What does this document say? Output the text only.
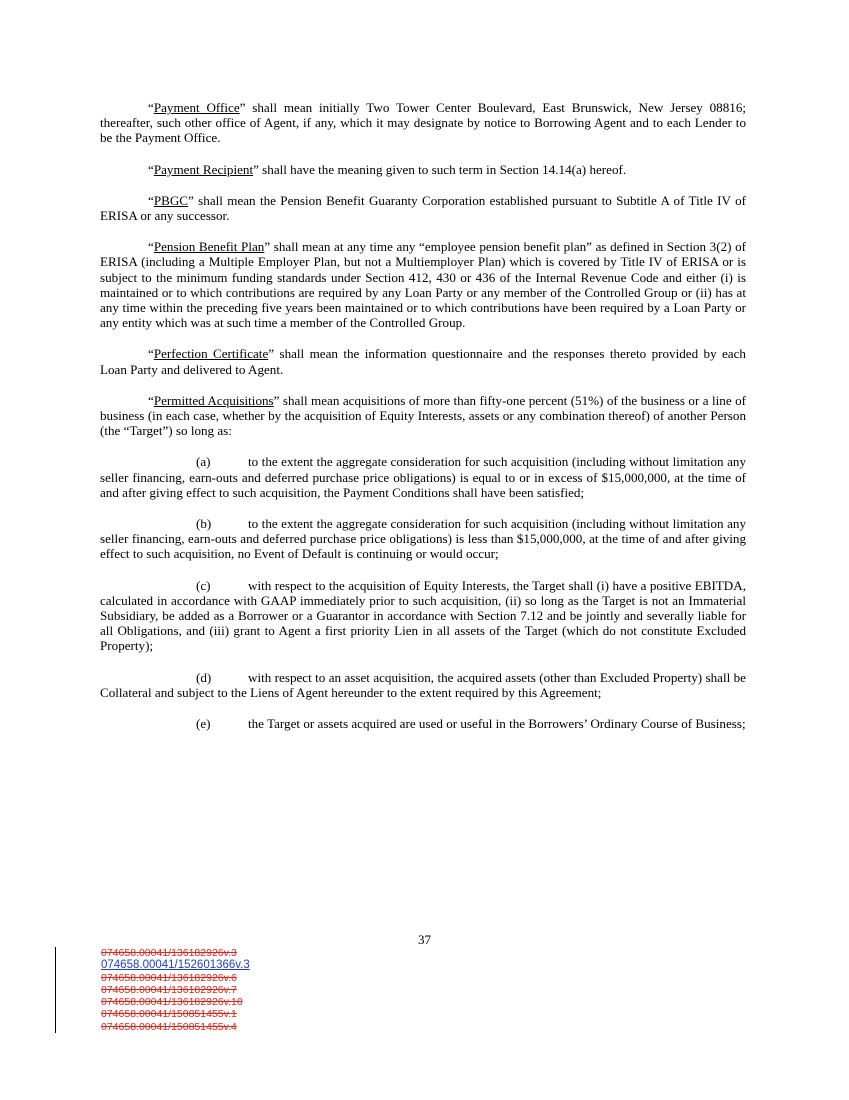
“Payment Office” shall mean initially Two Tower Center Boulevard, East Brunswick, New Jersey 08816; thereafter, such other office of Agent, if any, which it may designate by notice to Borrowing Agent and to each Lender to be the Payment Office.

“Payment Recipient” shall have the meaning given to such term in Section 14.14(a) hereof.

“PBGC” shall mean the Pension Benefit Guaranty Corporation established pursuant to Subtitle A of Title IV of ERISA or any successor.

“Pension Benefit Plan” shall mean at any time any “employee pension benefit plan” as defined in Section 3(2) of ERISA (including a Multiple Employer Plan, but not a Multiemployer Plan) which is covered by Title IV of ERISA or is subject to the minimum funding standards under Section 412, 430 or 436 of the Internal Revenue Code and either (i) is maintained or to which contributions are required by any Loan Party or any member of the Controlled Group or (ii) has at any time within the preceding five years been maintained or to which contributions have been required by a Loan Party or any entity which was at such time a member of the Controlled Group.

“Perfection Certificate” shall mean the information questionnaire and the responses thereto provided by each Loan Party and delivered to Agent.

“Permitted Acquisitions” shall mean acquisitions of more than fifty-one percent (51%) of the business or a line of business (in each case, whether by the acquisition of Equity Interests, assets or any combination thereof) of another Person (the “Target”) so long as:

(a)	to the extent the aggregate consideration for such acquisition (including without limitation any seller financing, earn-outs and deferred purchase price obligations) is equal to or in excess of $15,000,000, at the time of and after giving effect to such acquisition, the Payment Conditions shall have been satisfied;

(b)	to the extent the aggregate consideration for such acquisition (including without limitation any seller financing, earn-outs and deferred purchase price obligations) is less than $15,000,000, at the time of and after giving effect to such acquisition, no Event of Default is continuing or would occur;

(c)	with respect to the acquisition of Equity Interests, the Target shall (i) have a positive EBITDA, calculated in accordance with GAAP immediately prior to such acquisition, (ii) so long as the Target is not an Immaterial Subsidiary, be added as a Borrower or a Guarantor in accordance with Section 7.12 and be jointly and severally liable for all Obligations, and (iii) grant to Agent a first priority Lien in all assets of the Target (which do not constitute Excluded Property);

(d)	with respect to an asset acquisition, the acquired assets (other than Excluded Property) shall be Collateral and subject to the Liens of Agent hereunder to the extent required by this Agreement;

(e)	the Target or assets acquired are used or useful in the Borrowers’ Ordinary Course of Business;

37
074658.00041/136182926v.3
074658.00041/152601366v.3
074658.00041/136182926v.6
074658.00041/136182926v.7
074658.00041/136182926v.10
074658.00041/150851455v.1
074658.00041/150851455v.4
